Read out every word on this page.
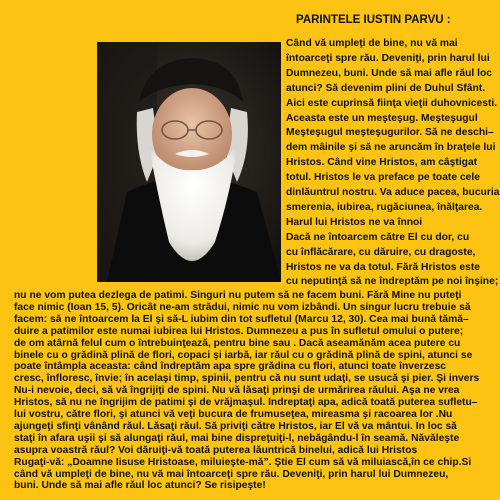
PARINTELE IUSTIN PARVU :
Când vă umpleţi de bine, nu vă mai
întoarceţi spre rău. Deveniţi, prin harul lui
Dumnezeu, buni. Unde să mai afle răul loc
atunci? Să devenim plini de Duhul Sfânt.
Aici este cuprinsă fiinţa vieţii duhovnicesti.
Aceasta este un meşteşug. Meşteşugul
Meşteşugul meşteşugurilor. Să ne deschi–
dem mâinile şi să ne aruncăm în braţele lui
Hristos. Când vine Hristos, am câştigat
totul. Hristos le va preface pe toate cele
dinlăuntrul nostru. Va aduce pacea, bucuria
smerenia, iubirea, rugăciunea, înălţarea.
Harul lui Hristos ne va înnoi
Dacă ne întoarcem către El cu dor, cu
cu înflăcărare, cu dăruire, cu dragoste,
Hristos ne va da totul. Fără Hristos este
cu neputinţă să ne îndreptăm pe noi înşine;
nu ne vom putea dezlega de patimi. Singuri nu putem să ne facem buni. Fără Mine nu puteţi
face nimic (Ioan 15, 5). Oricât ne-am strădui, nimic nu vom izbândi. Un singur lucru trebuie să
facem: să ne întoarcem la El şi să-L iubim din tot sufletul (Marcu 12, 30). Cea mai bună tămă–
duire a patimilor este numai iubirea lui Hristos. Dumnezeu a pus în sufletul omului o putere;
de om atârnă felul cum o întrebuinţează, pentru bine sau . Dacă aseamănăm acea putere cu
binele cu o grădină plină de flori, copaci şi iarbă, iar răul cu o grădină plină de spini, atunci se
poate întâmpla aceasta: când îndreptăm apa spre grădina cu flori, atunci toate înverzesc
cresc, înfloresc, învie; în acelaşi timp, spinii, pentru că nu sunt udaţi, se usucă şi pier. Şi invers
Nu-i nevoie, deci, să vă îngrijiţi de spini. Nu vă lăsaţi prinşi de urmărirea răului. Aşa ne vrea
Hristos, să nu ne îngrijim de patimi şi de vrăjmaşul. Îndreptaţi apa, adică toată puterea sufletu–
lui vostru, către flori, şi atunci vă veţi bucura de frumuseţea, mireasma şi racoarea lor .Nu
ajungeţi sfinţi vânând răul. Lăsaţi răul. Să priviţi către Hristos, iar El vă va mântui. În loc să
staţi în afara uşii şi să alungaţi răul, mai bine dispreţuiţi-l, nebăgându-l în seamă. Năvălеşte
asupra voastră răul? Voi dăruiţi-vă toată puterea lăuntrică binelui, adică lui Hristos
Rugaţi-vă: „Doamne Iisuse Hristoase, miluieşte-mă”. Ştie El cum să vă miluiască,în ce chip.Si
când vă umpleţi de bine, nu vă mai întoarceţi spre rău. Deveniţi, prin harul lui Dumnezeu,
buni. Unde să mai afle răul loc atunci? Se risipeşte!
